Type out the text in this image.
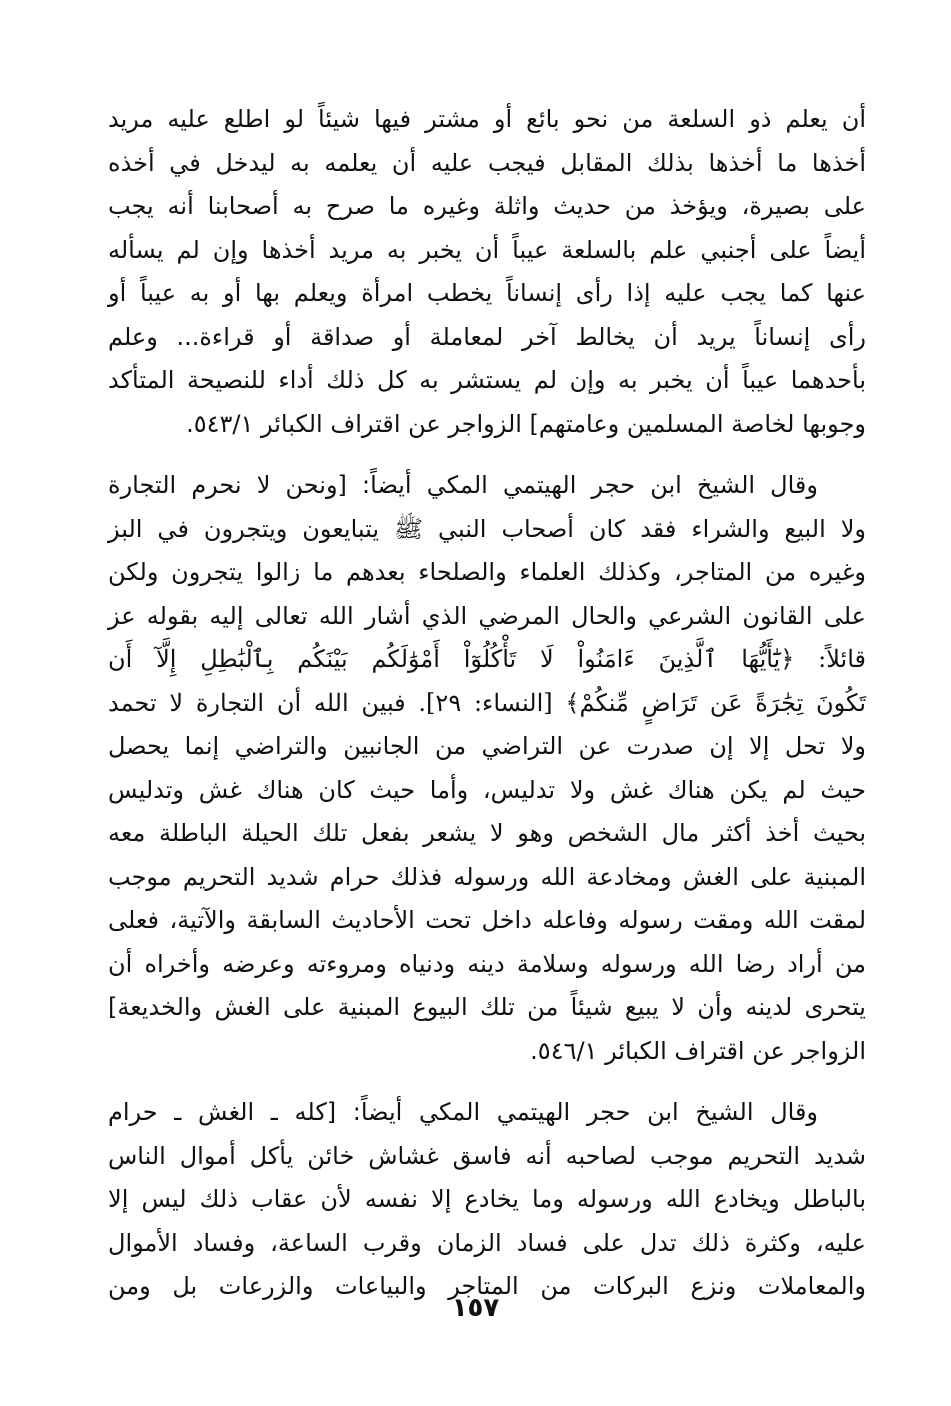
أن يعلم ذو السلعة من نحو بائع أو مشتر فيها شيئاً لو اطلع عليه مريد
أخذها ما أخذها بذلك المقابل فيجب عليه أن يعلمه به ليدخل في أخذه
على بصيرة، ويؤخذ من حديث واثلة وغيره ما صرح به أصحابنا أنه يجب
أيضاً على أجنبي علم بالسلعة عيباً أن يخبر به مريد أخذها وإن لم يسأله
عنها كما يجب عليه إذا رأى إنساناً يخطب امرأة ويعلم بها أو به عيباً أو
رأى إنساناً يريد أن يخالط آخر لمعاملة أو صداقة أو قراءة... وعلم
بأحدهما عيباً أن يخبر به وإن لم يستشر به كل ذلك أداء للنصيحة المتأكد
وجوبها لخاصة المسلمين وعامتهم] الزواجر عن اقتراف الكبائر ٥٤٣/١.

وقال الشيخ ابن حجر الهيتمي المكي أيضاً: [ونحن لا نحرم التجارة
ولا البيع والشراء فقد كان أصحاب النبي ﷺ يتبايعون ويتجرون في البز
وغيره من المتاجر، وكذلك العلماء والصلحاء بعدهم ما زالوا يتجرون ولكن
على القانون الشرعي والحال المرضي الذي أشار الله تعالى إليه بقوله عز
قائلاً: ﴿يَٰٓأَيُّهَا ٱلَّذِينَ ءَامَنُواْ لَا تَأْكُلُوٓاْ أَمْوَٰلَكُم بَيْنَكُم بِٱلْبَٰطِلِ إِلَّآ أَن
تَكُونَ تِجَٰرَةً عَن تَرَاضٍ مِّنكُمْ﴾ [النساء: ٢٩]. فبين الله أن التجارة لا تحمد
ولا تحل إلا إن صدرت عن التراضي من الجانبين والتراضي إنما يحصل
حيث لم يكن هناك غش ولا تدليس، وأما حيث كان هناك غش وتدليس
بحيث أخذ أكثر مال الشخص وهو لا يشعر بفعل تلك الحيلة الباطلة معه
المبنية على الغش ومخادعة الله ورسوله فذلك حرام شديد التحريم موجب
لمقت الله ومقت رسوله وفاعله داخل تحت الأحاديث السابقة والآتية، فعلى
من أراد رضا الله ورسوله وسلامة دينه ودنياه ومروءته وعرضه وأخراه أن
يتحرى لدينه وأن لا يبيع شيئاً من تلك البيوع المبنية على الغش والخديعة]
الزواجر عن اقتراف الكبائر ٥٤٦/١.

وقال الشيخ ابن حجر الهيتمي المكي أيضاً: [كله ـ الغش ـ حرام
شديد التحريم موجب لصاحبه أنه فاسق غشاش خائن يأكل أموال الناس
بالباطل ويخادع الله ورسوله وما يخادع إلا نفسه لأن عقاب ذلك ليس إلا
عليه، وكثرة ذلك تدل على فساد الزمان وقرب الساعة، وفساد الأموال
والمعاملات ونزع البركات من المتاجر والبياعات والزرعات بل ومن

١٥٧
